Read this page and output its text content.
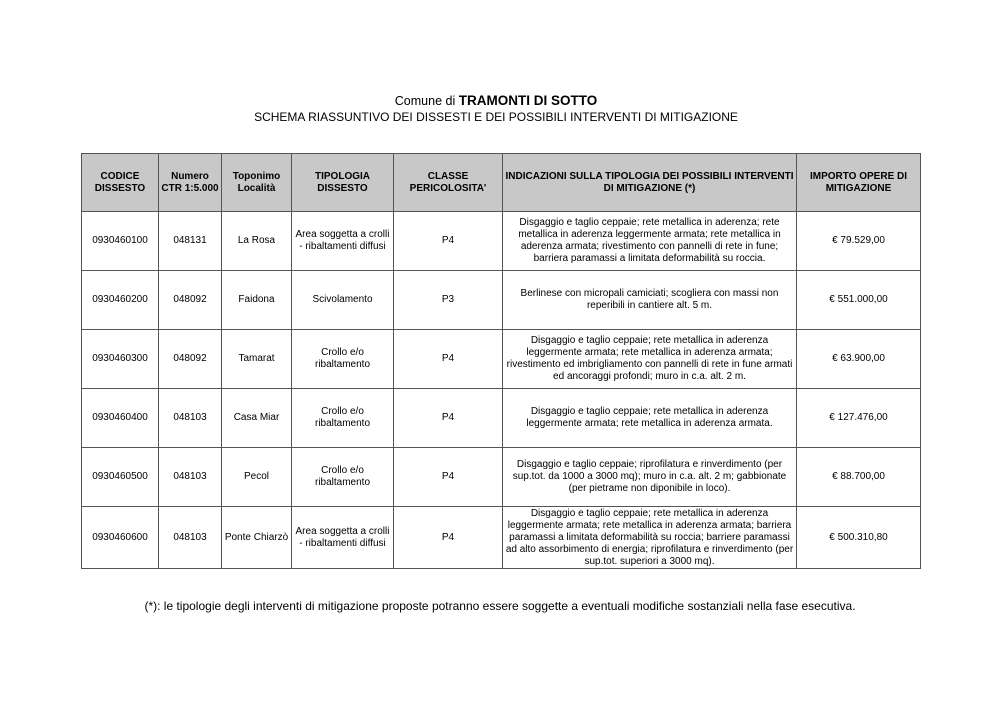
Comune di TRAMONTI DI SOTTO
SCHEMA RIASSUNTIVO DEI DISSESTI E DEI POSSIBILI INTERVENTI DI MITIGAZIONE
CODICE DISSESTO	Numero CTR 1:5.000	Toponimo Località	TIPOLOGIA DISSESTO	CLASSE PERICOLOSITA'	INDICAZIONI SULLA TIPOLOGIA DEI POSSIBILI INTERVENTI DI MITIGAZIONE (*)	IMPORTO OPERE DI MITIGAZIONE
0930460100	048131	La Rosa	Area soggetta a crolli - ribaltamenti diffusi	P4	Disgaggio e taglio ceppaie; rete metallica in aderenza; rete metallica in aderenza leggermente armata; rete metallica in aderenza armata; rivestimento con pannelli di rete in fune; barriera paramassi a limitata deformabilità su roccia.	€ 79.529,00
0930460200	048092	Faidona	Scivolamento	P3	Berlinese con micropali camiciati; scogliera con massi non reperibili in cantiere alt. 5 m.	€ 551.000,00
0930460300	048092	Tamarat	Crollo e/o ribaltamento	P4	Disgaggio e taglio ceppaie; rete metallica in aderenza leggermente armata; rete metallica in aderenza armata; rivestimento ed imbrigliamento con pannelli di rete in fune armati ed ancoraggi profondi; muro in c.a. alt. 2 m.	€ 63.900,00
0930460400	048103	Casa Miar	Crollo e/o ribaltamento	P4	Disgaggio e taglio ceppaie; rete metallica in aderenza leggermente armata; rete metallica in aderenza armata.	€ 127.476,00
0930460500	048103	Pecol	Crollo e/o ribaltamento	P4	Disgaggio e taglio ceppaie; riprofilatura e rinverdimento (per sup.tot. da 1000 a 3000 mq); muro in c.a. alt. 2 m; gabbionate (per pietrame non diponibile in loco).	€ 88.700,00
0930460600	048103	Ponte Chiarzò	Area soggetta a crolli - ribaltamenti diffusi	P4	Disgaggio e taglio ceppaie; rete metallica in aderenza leggermente armata; rete metallica in aderenza armata; barriera paramassi a limitata deformabilità su roccia; barriere paramassi ad alto assorbimento di energia; riprofilatura e rinverdimento (per sup.tot. superiori a 3000 mq).	€ 500.310,80
(*): le tipologie degli interventi di mitigazione proposte potranno essere soggette a eventuali modifiche sostanziali nella fase esecutiva.
